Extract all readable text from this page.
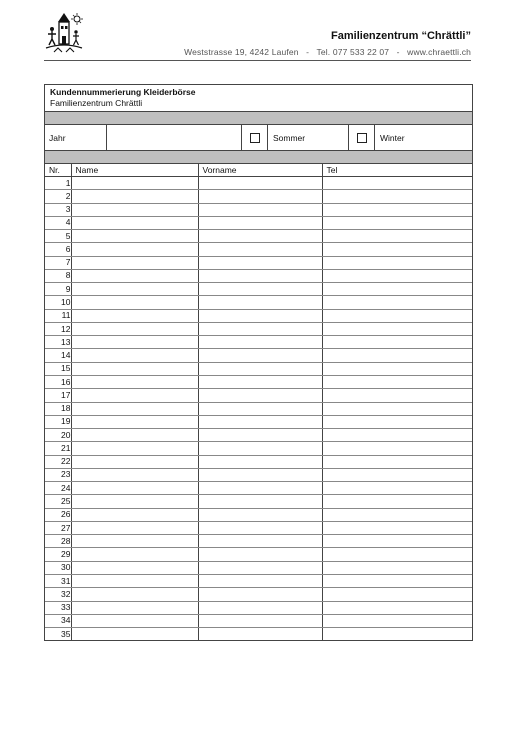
Familienzentrum “Chrättli”
Weststrasse 19, 4242 Laufen   -   Tel. 077 533 22 07   -   www.chraettli.ch
Kundennummerierung Kleiderbörse
Familienzentrum Chrättli
Jahr	Sommer	Winter
Nr.	Name	Vorname	Tel
1			
2			
3			
4			
5			
6			
7			
8			
9			
10			
11			
12			
13			
14			
15			
16			
17			
18			
19			
20			
21			
22			
23			
24			
25			
26			
27			
28			
29			
30			
31			
32			
33			
34			
35			
